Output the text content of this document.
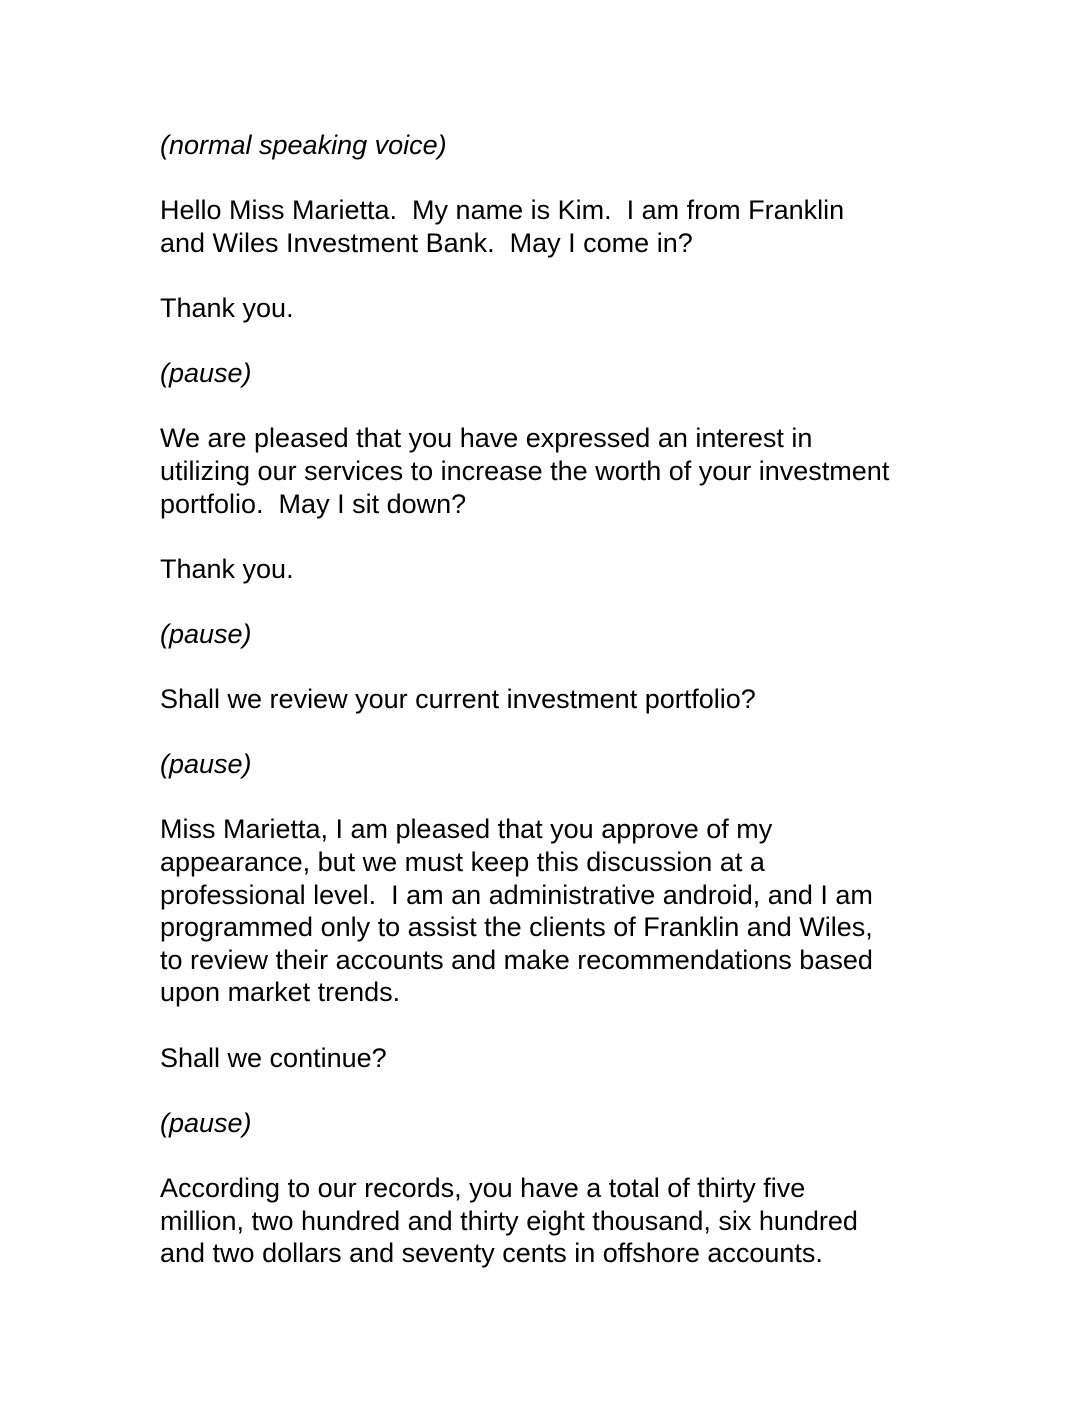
(normal speaking voice)

Hello Miss Marietta.  My name is Kim.  I am from Franklin
and Wiles Investment Bank.  May I come in?

Thank you.

(pause)

We are pleased that you have expressed an interest in
utilizing our services to increase the worth of your investment
portfolio.  May I sit down?

Thank you.

(pause)

Shall we review your current investment portfolio?

(pause)

Miss Marietta, I am pleased that you approve of my
appearance, but we must keep this discussion at a
professional level.  I am an administrative android, and I am
programmed only to assist the clients of Franklin and Wiles,
to review their accounts and make recommendations based
upon market trends.

Shall we continue?

(pause)

According to our records, you have a total of thirty five
million, two hundred and thirty eight thousand, six hundred
and two dollars and seventy cents in offshore accounts.
